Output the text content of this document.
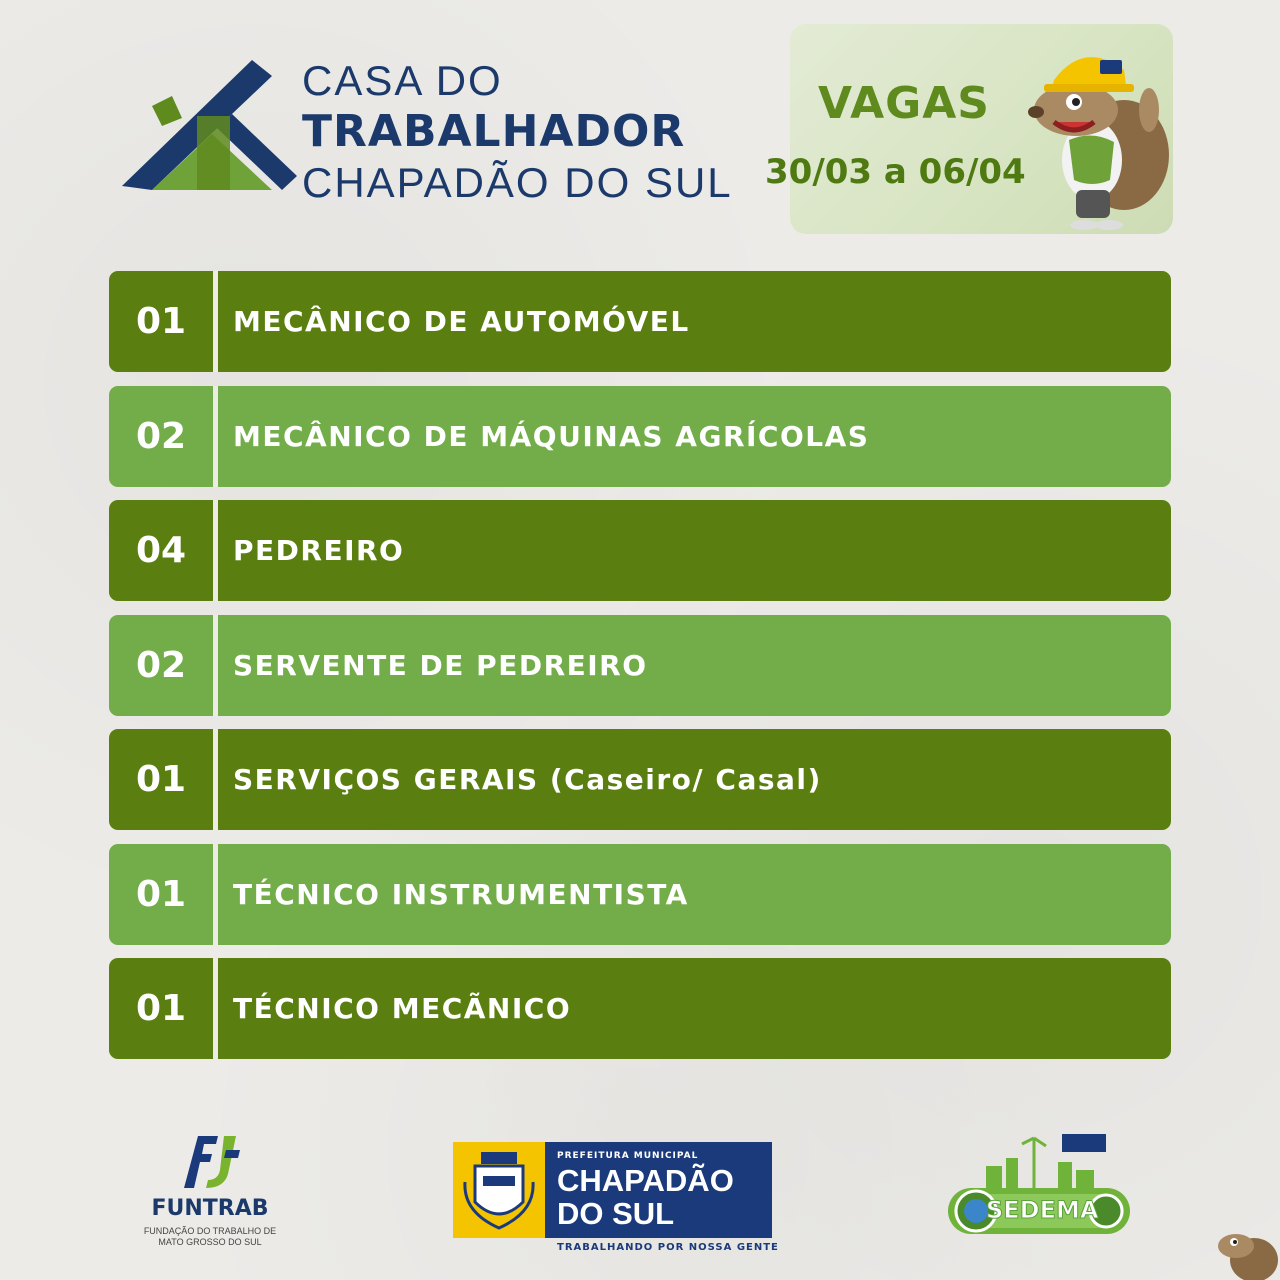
CASA DO
TRABALHADOR
CHAPADÃO DO SUL
VAGAS
30/03 a 06/04
01	MECÂNICO DE AUTOMÓVEL
02	MECÂNICO DE MÁQUINAS AGRÍCOLAS
04	PEDREIRO
02	SERVENTE DE PEDREIRO
01	SERVIÇOS GERAIS (Caseiro/ Casal)
01	TÉCNICO INSTRUMENTISTA
01	TÉCNICO MECÃNICO
FUNTRAB
FUNDAÇÃO DO TRABALHO DE MATO GROSSO DO SUL
PREFEITURA MUNICIPAL
CHAPADÃO DO SUL
TRABALHANDO POR NOSSA GENTE
SEDEMA
